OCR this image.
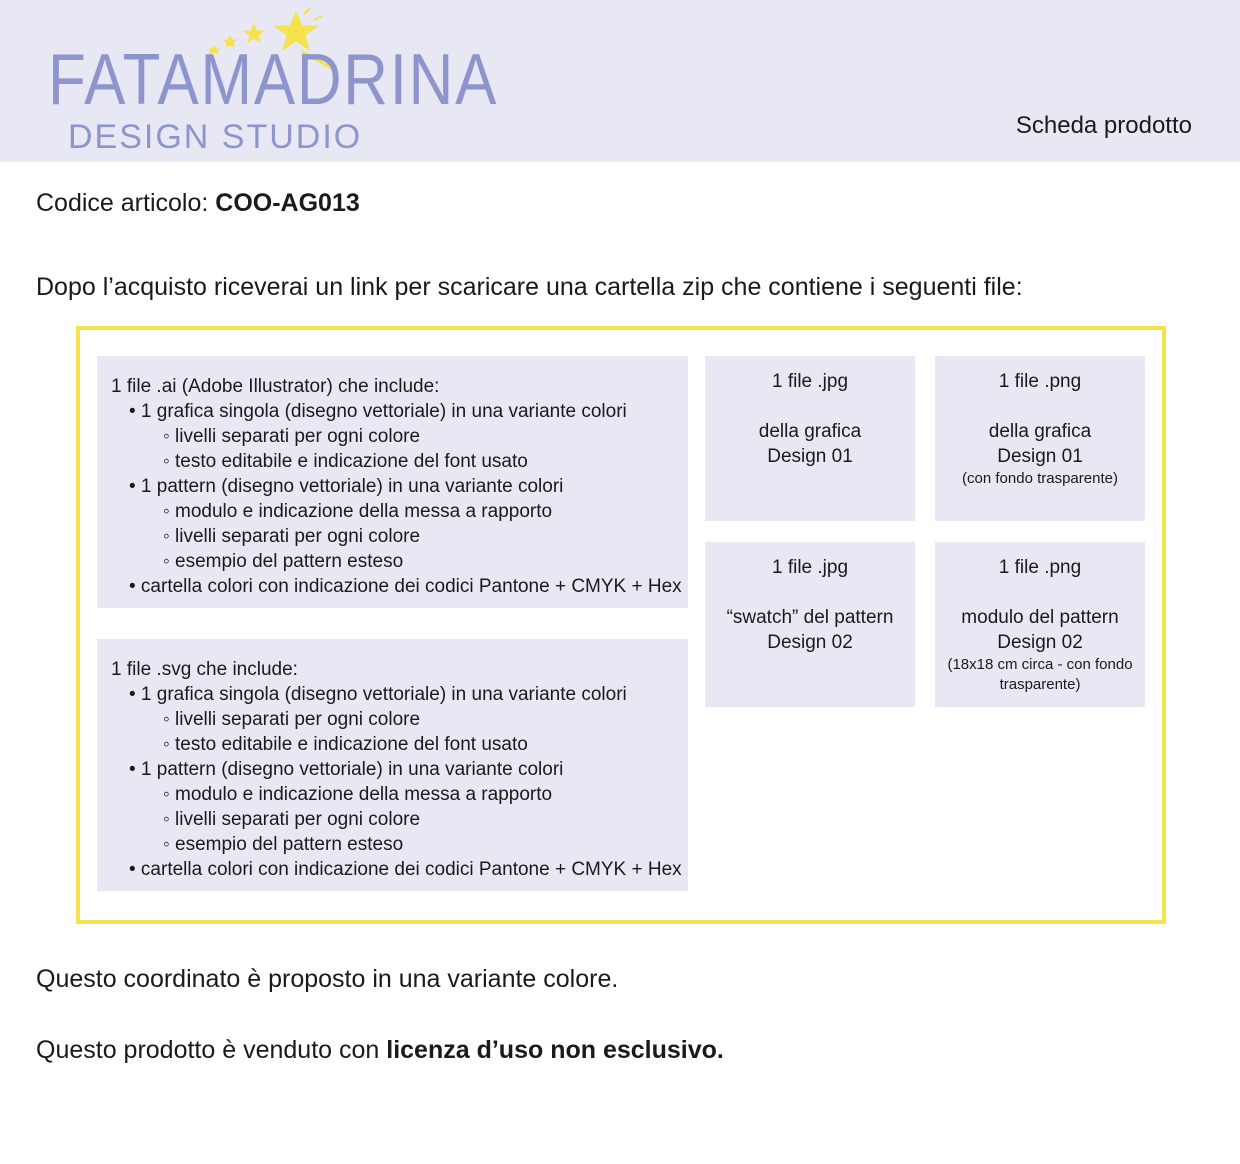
FATAMADRINA
DESIGN STUDIO	Scheda prodotto
Codice articolo: COO-AG013
Dopo l’acquisto riceverai un link per scaricare una cartella zip che contiene i seguenti file:
1 file .ai (Adobe Illustrator) che include:
• 1 grafica singola (disegno vettoriale) in una variante colori
◦ livelli separati per ogni colore
◦ testo editabile e indicazione del font usato
• 1 pattern (disegno vettoriale) in una variante colori
◦ modulo e indicazione della messa a rapporto
◦ livelli separati per ogni colore
◦ esempio del pattern esteso
• cartella colori con indicazione dei codici Pantone + CMYK + Hex
1 file .svg che include:
• 1 grafica singola (disegno vettoriale) in una variante colori
◦ livelli separati per ogni colore
◦ testo editabile e indicazione del font usato
• 1 pattern (disegno vettoriale) in una variante colori
◦ modulo e indicazione della messa a rapporto
◦ livelli separati per ogni colore
◦ esempio del pattern esteso
• cartella colori con indicazione dei codici Pantone + CMYK + Hex
1 file .jpg
della grafica
Design 01
1 file .png
della grafica
Design 01
(con fondo trasparente)
1 file .jpg
“swatch” del pattern
Design 02
1 file .png
modulo del pattern
Design 02
(18x18 cm circa - con fondo trasparente)
Questo coordinato è proposto in una variante colore.
Questo prodotto è venduto con licenza d’uso non esclusivo.
